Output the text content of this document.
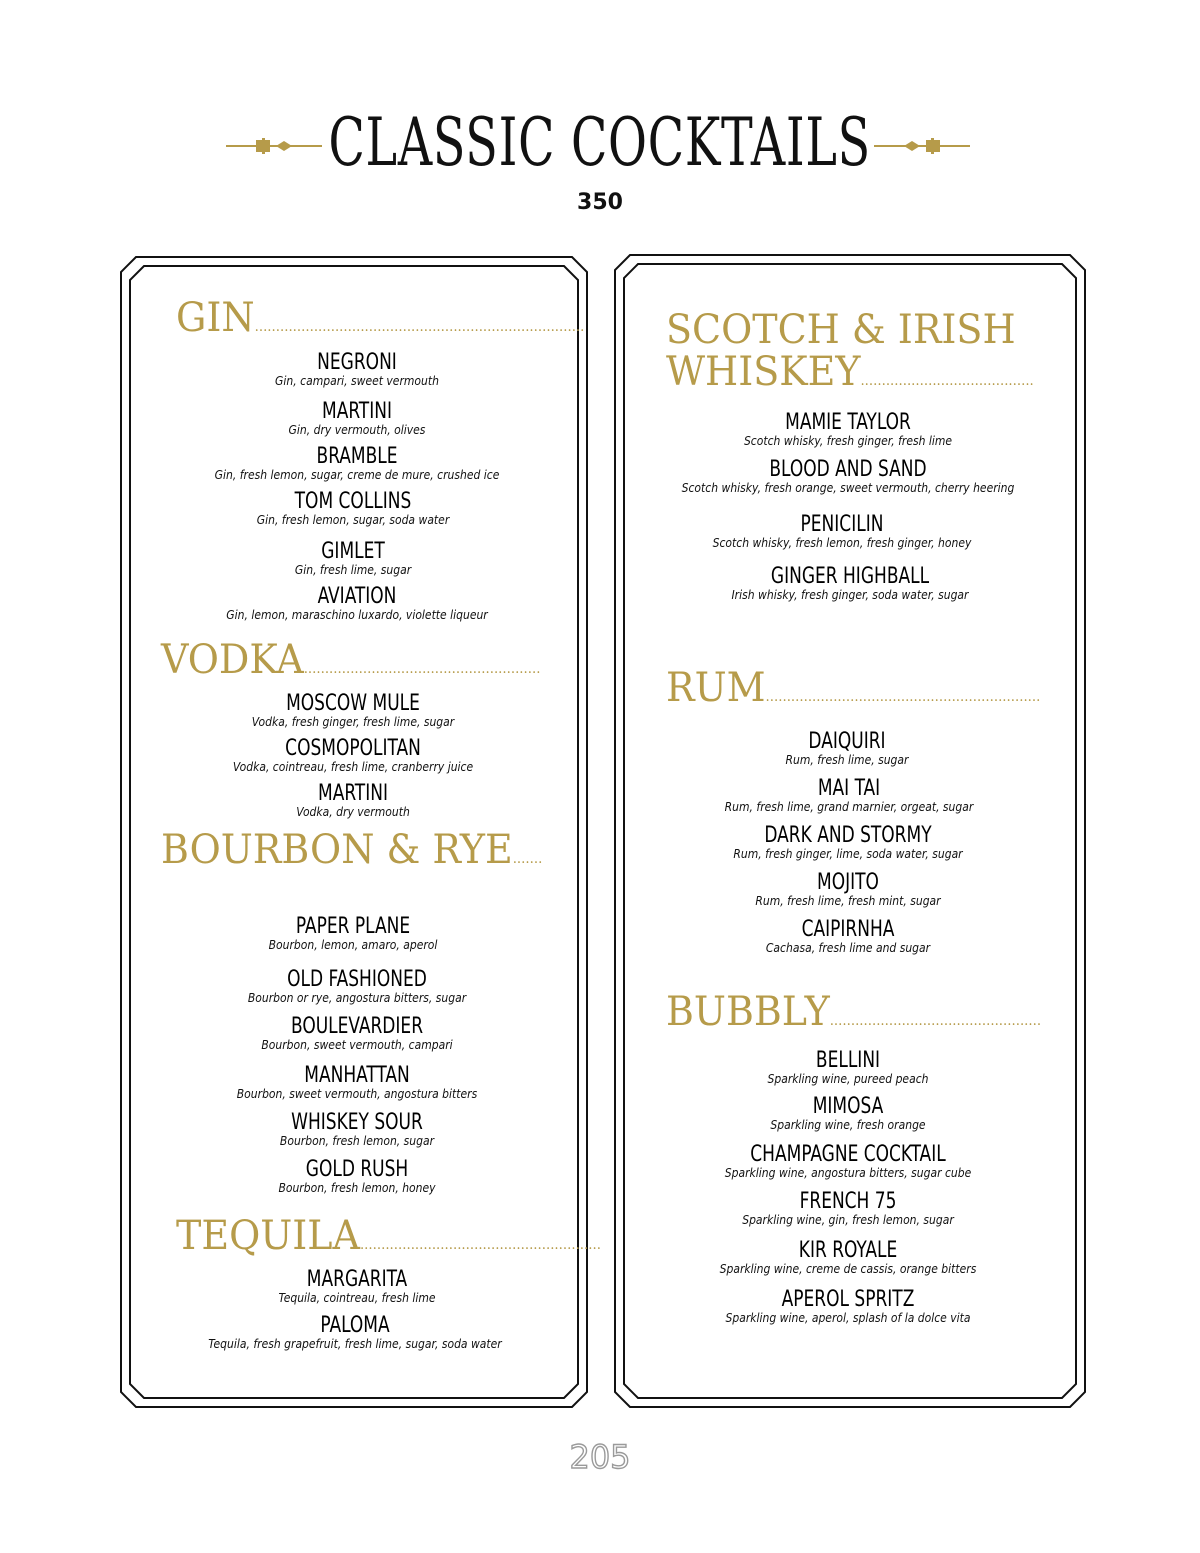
CLASSIC COCKTAILS
350
GIN..............................................................................
NEGRONI
Gin, campari, sweet vermouth
MARTINI
Gin, dry vermouth, olives
BRAMBLE
Gin, fresh lemon, sugar, creme de mure, crushed ice
TOM COLLINS
Gin, fresh lemon, sugar, soda water
GIMLET
Gin, fresh lime, sugar
AVIATION
Gin, lemon, maraschino luxardo, violette liqueur
VODKA........................................................
MOSCOW MULE
Vodka, fresh ginger, fresh lime, sugar
COSMOPOLITAN
Vodka, cointreau, fresh lime, cranberry juice
MARTINI
Vodka, dry vermouth
BOURBON & RYE.......
PAPER PLANE
Bourbon, lemon, amaro, aperol
OLD FASHIONED
Bourbon or rye, angostura bitters, sugar
BOULEVARDIER
Bourbon, sweet vermouth, campari
MANHATTAN
Bourbon, sweet vermouth, angostura bitters
WHISKEY SOUR
Bourbon, fresh lemon, sugar
GOLD RUSH
Bourbon, fresh lemon, honey
TEQUILA.........................................................
MARGARITA
Tequila, cointreau, fresh lime
PALOMA
Tequila, fresh grapefruit, fresh lime, sugar, soda water
SCOTCH & IRISH
WHISKEY.........................................
MAMIE TAYLOR
Scotch whisky, fresh ginger, fresh lime
BLOOD AND SAND
Scotch whisky, fresh orange, sweet vermouth, cherry heering
PENICILIN
Scotch whisky, fresh lemon, fresh ginger, honey
GINGER HIGHBALL
Irish whisky, fresh ginger, soda water, sugar
RUM.................................................................
DAIQUIRI
Rum, fresh lime, sugar
MAI TAI
Rum, fresh lime, grand marnier, orgeat, sugar
DARK AND STORMY
Rum, fresh ginger, lime, soda water, sugar
MOJITO
Rum, fresh lime, fresh mint, sugar
CAIPIRNHA
Cachasa, fresh lime and sugar
BUBBLY..................................................
BELLINI
Sparkling wine, pureed peach
MIMOSA
Sparkling wine, fresh orange
CHAMPAGNE COCKTAIL
Sparkling wine, angostura bitters, sugar cube
FRENCH 75
Sparkling wine, gin, fresh lemon, sugar
KIR ROYALE
Sparkling wine, creme de cassis, orange bitters
APEROL SPRITZ
Sparkling wine, aperol, splash of la dolce vita
205
